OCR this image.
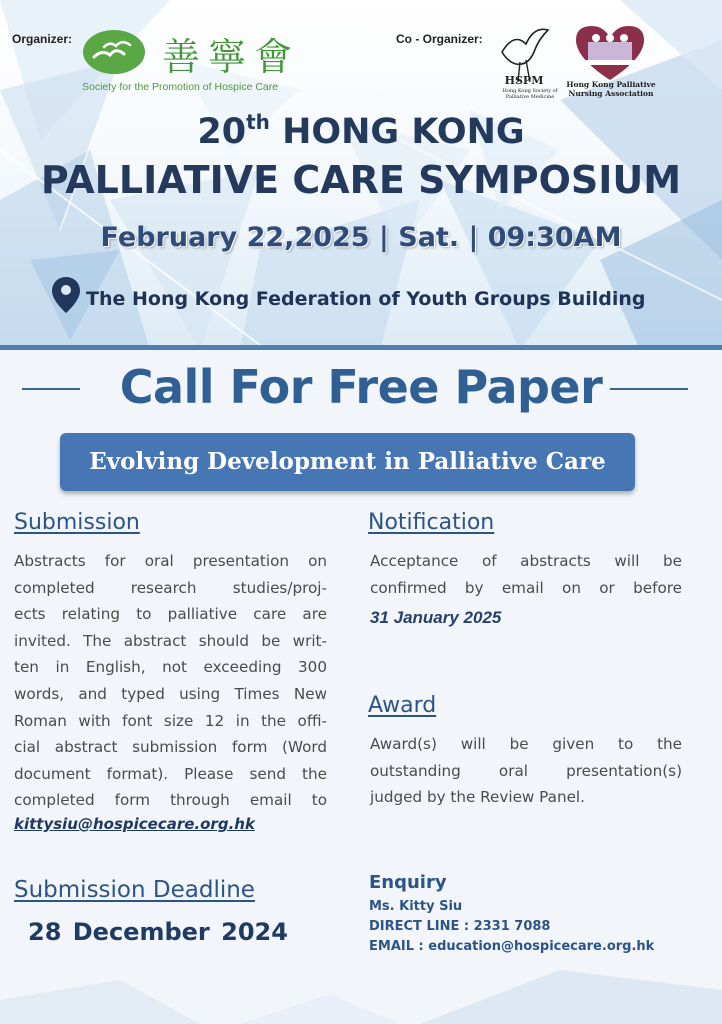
Organizer: 善寧會
Society for the Promotion of Hospice Care
Co - Organizer:
HSPM
Hong Kong Society of Palliative Medicine
Hong Kong Palliative Nursing Association
20th HONG KONG
PALLIATIVE CARE SYMPOSIUM
February 22,2025 | Sat. | 09:30AM
The Hong Kong Federation of Youth Groups Building
Call For Free Paper
Evolving Development in Palliative Care
Submission
Abstracts for oral presentation on
completed research studies/proj-
ects relating to palliative care are
invited. The abstract should be writ-
ten in English, not exceeding 300
words, and typed using Times New
Roman with font size 12 in the offi-
cial abstract submission form (Word
document format). Please send the
completed form through email to
kittysiu@hospicecare.org.hk
Notification
Acceptance of abstracts will be
confirmed by email on or before
31 January 2025
Award
Award(s) will be given to the
outstanding oral presentation(s)
judged by the Review Panel.
Submission Deadline
28 December 2024
Enquiry
Ms. Kitty Siu
DIRECT LINE : 2331 7088
EMAIL : education@hospicecare.org.hk
